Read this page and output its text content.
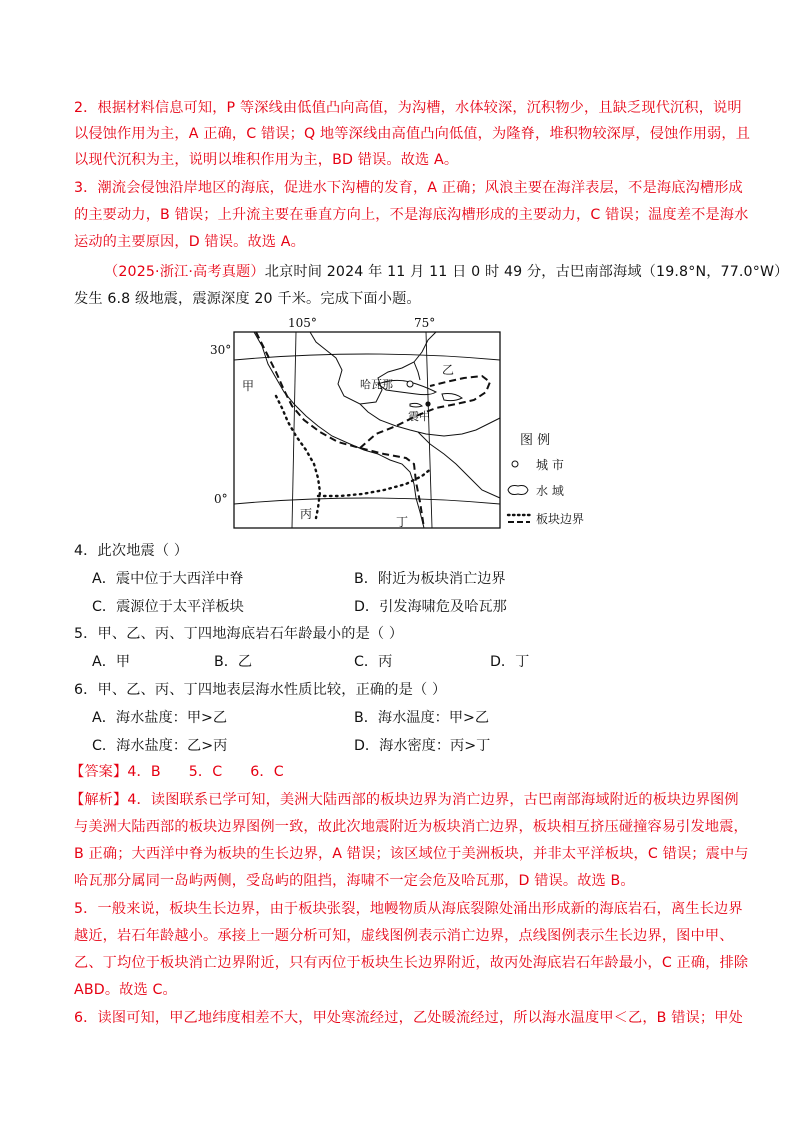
2．根据材料信息可知，P 等深线由低值凸向高值，为沟槽，水体较深，沉积物少，且缺乏现代沉积，说明
以侵蚀作用为主，A 正确，C 错误；Q 地等深线由高值凸向低值，为隆脊，堆积物较深厚，侵蚀作用弱，且
以现代沉积为主，说明以堆积作用为主，BD 错误。故选 A。
3．潮流会侵蚀沿岸地区的海底，促进水下沟槽的发育，A 正确；风浪主要在海洋表层，不是海底沟槽形成
的主要动力，B 错误；上升流主要在垂直方向上，不是海底沟槽形成的主要动力，C 错误；温度差不是海水
运动的主要原因，D 错误。故选 A。
（2025·浙江·高考真题）北京时间 2024 年 11 月 11 日 0 时 49 分，古巴南部海域（19.8°N，77.0°W）
发生 6.8 级地震，震源深度 20 千米。完成下面小题。
105°	75°
30°
0°
甲
乙
丙
丁
哈瓦那
震中
图 例
城 市
水 域
板块边界
4．此次地震（ ）
A．震中位于大西洋中脊	B．附近为板块消亡边界
C．震源位于太平洋板块	D．引发海啸危及哈瓦那
5．甲、乙、丙、丁四地海底岩石年龄最小的是（ ）
A．甲	B．乙	C．丙	D．丁
6．甲、乙、丙、丁四地表层海水性质比较，正确的是（ ）
A．海水盐度：甲>乙	B．海水温度：甲>乙
C．海水盐度：乙>丙	D．海水密度：丙>丁
【答案】4．B      5．C      6．C
【解析】4．读图联系已学可知，美洲大陆西部的板块边界为消亡边界，古巴南部海域附近的板块边界图例
与美洲大陆西部的板块边界图例一致，故此次地震附近为板块消亡边界，板块相互挤压碰撞容易引发地震，
B 正确；大西洋中脊为板块的生长边界，A 错误；该区域位于美洲板块，并非太平洋板块，C 错误；震中与
哈瓦那分属同一岛屿两侧，受岛屿的阻挡，海啸不一定会危及哈瓦那，D 错误。故选 B。
5．一般来说，板块生长边界，由于板块张裂，地幔物质从海底裂隙处涌出形成新的海底岩石，离生长边界
越近，岩石年龄越小。承接上一题分析可知，虚线图例表示消亡边界，点线图例表示生长边界，图中甲、
乙、丁均位于板块消亡边界附近，只有丙位于板块生长边界附近，故丙处海底岩石年龄最小，C 正确，排除
ABD。故选 C。
6．读图可知，甲乙地纬度相差不大，甲处寒流经过，乙处暖流经过，所以海水温度甲＜乙，B 错误；甲处
